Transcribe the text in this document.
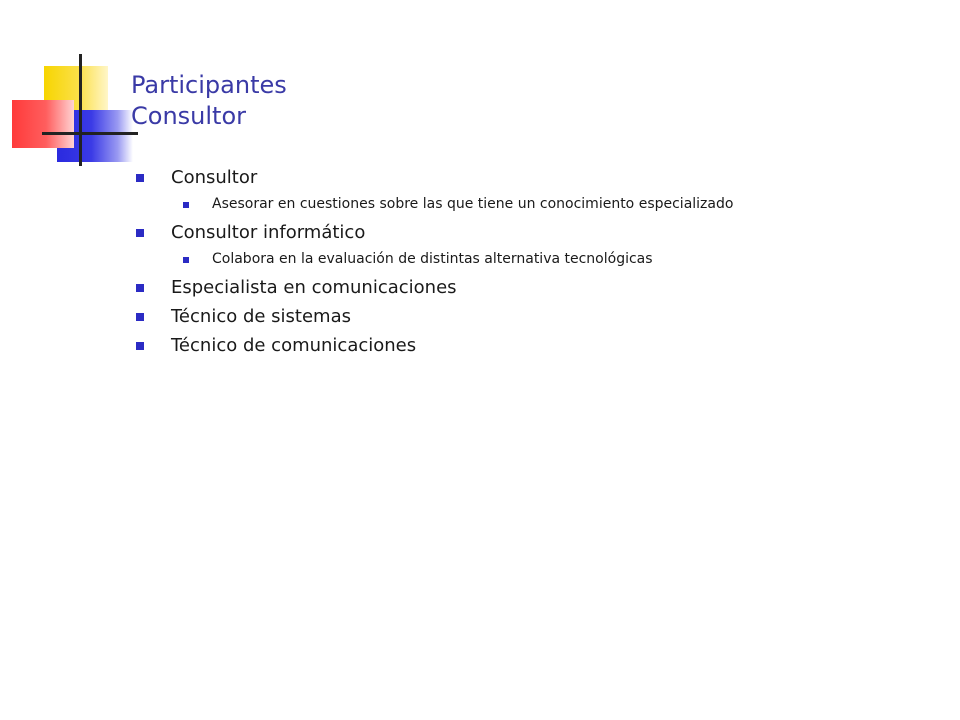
Participantes
Consultor
Consultor
Asesorar en cuestiones sobre las que tiene un conocimiento especializado
Consultor informático
Colabora en la evaluación de distintas alternativa tecnológicas
Especialista en comunicaciones
Técnico de sistemas
Técnico de comunicaciones
